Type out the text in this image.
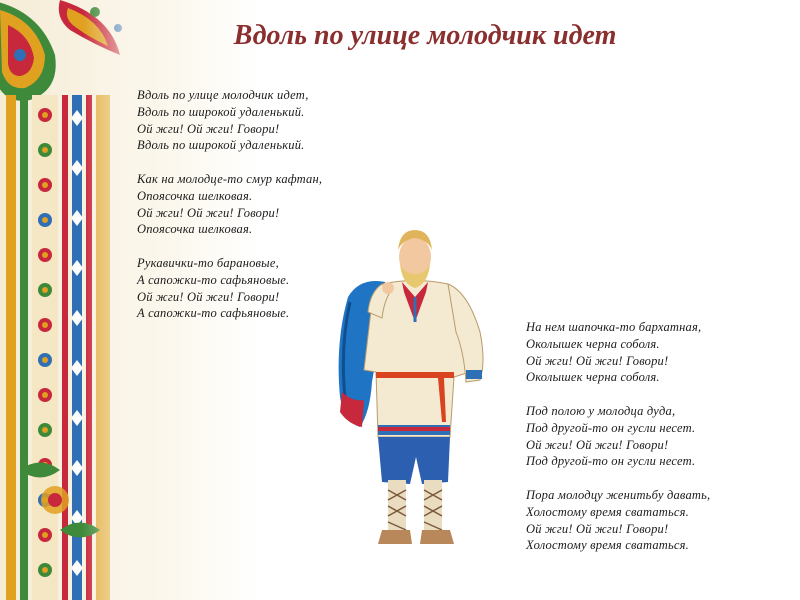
Вдоль по улице молодчик идет
Вдоль по улице молодчик идет,
Вдоль по широкой удаленький.
Ой жги! Ой жги! Говори!
Вдоль по широкой удаленький.
Как на молодце-то смур кафтан,
Опоясочка шелковая.
Ой жги! Ой жги! Говори!
Опоясочка шелковая.
Рукавички-то барановые,
А сапожки-то сафьяновые.
Ой жги! Ой жги! Говори!
А сапожки-то сафьяновые.
На нем шапочка-то бархатная,
Околышек черна соболя.
Ой жги! Ой жги! Говори!
Околышек черна соболя.
Под полою у молодца дуда,
Под другой-то он гусли несет.
Ой жги! Ой жги! Говори!
Под другой-то он гусли несет.
Пора молодцу женитьбу давать,
Холостому время свататься.
Ой жги! Ой жги! Говори!
Холостому время свататься.
